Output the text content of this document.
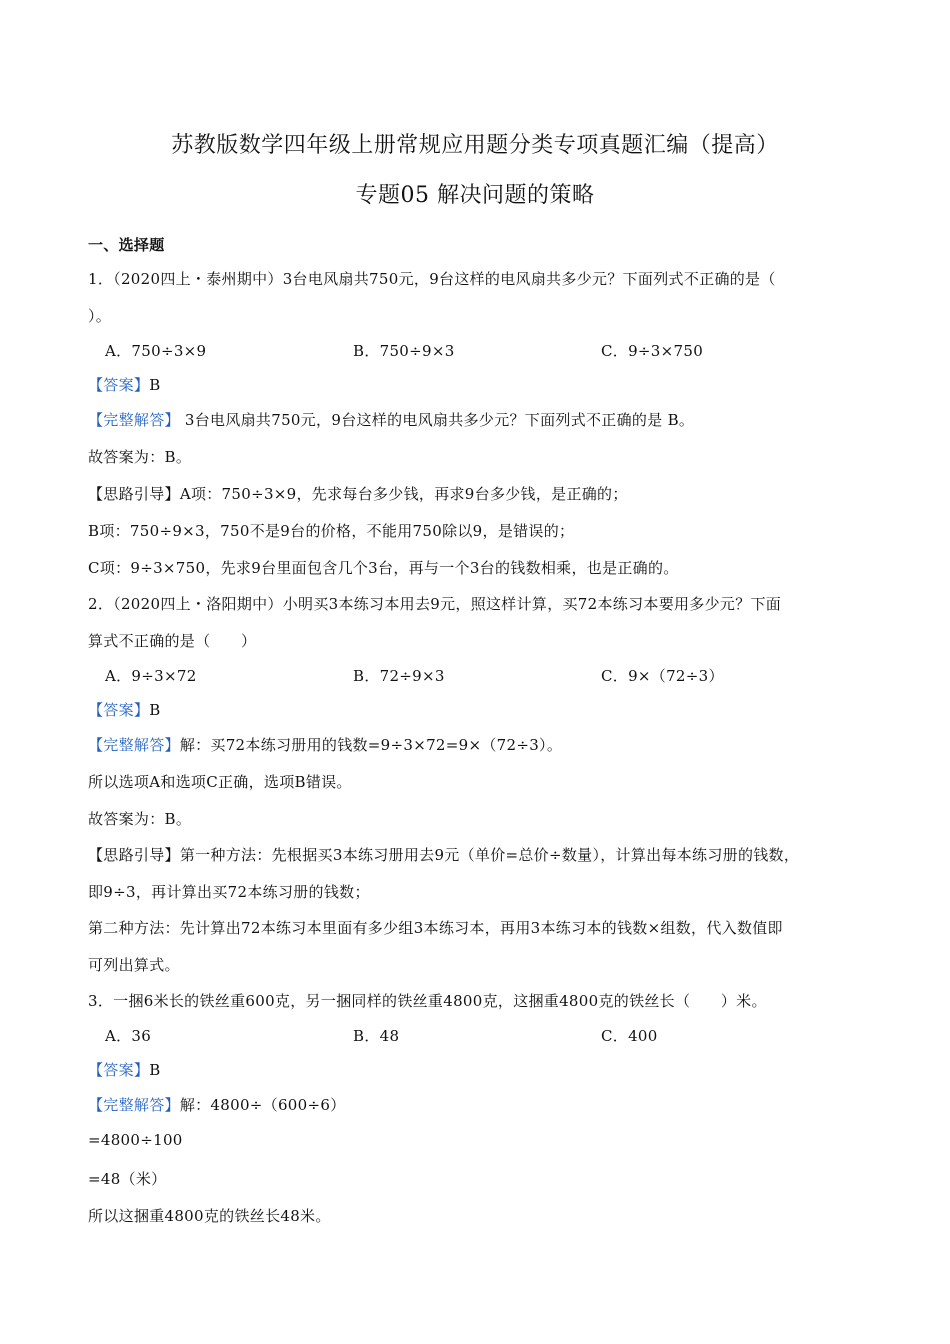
苏教版数学四年级上册常规应用题分类专项真题汇编（提高）
专题05 解决问题的策略
一、选择题
1．（2020四上・泰州期中）3台电风扇共750元，9台这样的电风扇共多少元？下面列式不正确的是（
）。
A．750÷3×9	B．750÷9×3	C．9÷3×750
【答案】B
【完整解答】 3台电风扇共750元，9台这样的电风扇共多少元？下面列式不正确的是 B。
故答案为：B。
【思路引导】A项：750÷3×9，先求每台多少钱，再求9台多少钱，是正确的；
B项：750÷9×3，750不是9台的价格，不能用750除以9，是错误的；
C项：9÷3×750，先求9台里面包含几个3台，再与一个3台的钱数相乘，也是正确的。
2．（2020四上・洛阳期中）小明买3本练习本用去9元，照这样计算，买72本练习本要用多少元？下面
算式不正确的是（　　）
A．9÷3×72	B．72÷9×3	C．9×（72÷3）
【答案】B
【完整解答】解：买72本练习册用的钱数=9÷3×72=9×（72÷3）。
所以选项A和选项C正确，选项B错误。
故答案为：B。
【思路引导】第一种方法：先根据买3本练习册用去9元（单价=总价÷数量），计算出每本练习册的钱数，
即9÷3，再计算出买72本练习册的钱数；
第二种方法：先计算出72本练习本里面有多少组3本练习本，再用3本练习本的钱数×组数，代入数值即
可列出算式。
3．一捆6米长的铁丝重600克，另一捆同样的铁丝重4800克，这捆重4800克的铁丝长（　　）米。
A．36	B．48	C．400
【答案】B
【完整解答】解：4800÷（600÷6）
=4800÷100
=48（米）
所以这捆重4800克的铁丝长48米。
